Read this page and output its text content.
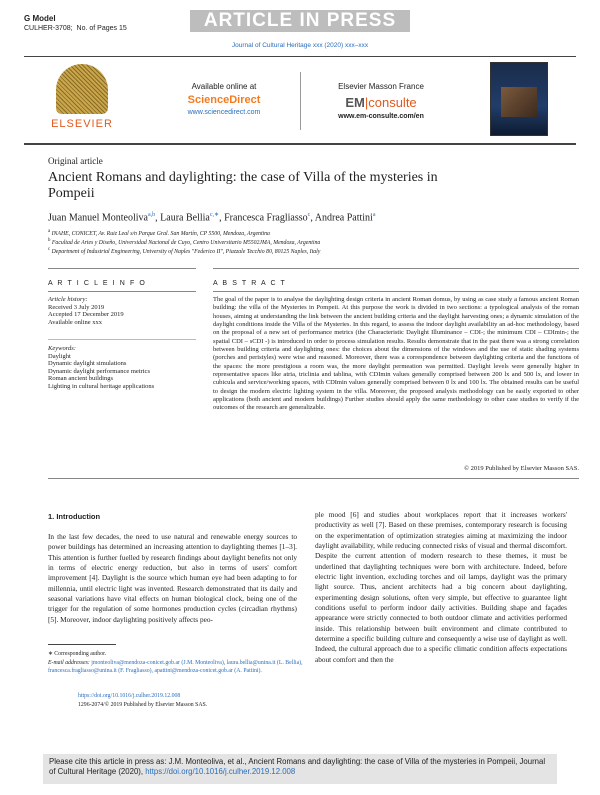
G Model
CULHER-3708; No. of Pages 15	ARTICLE IN PRESS
Journal of Cultural Heritage xxx (2020) xxx–xxx
ELSEVIER
Available online at
ScienceDirect
www.sciencedirect.com
Elsevier Masson France
EM|consulte
www.em-consulte.com/en
Original article
Ancient Romans and daylighting: the case of Villa of the mysteries in Pompeii
Juan Manuel Monteoliva$^{a,b}$, Laura Bellia$^{c,∗}$, Francesca Fragliasso$^c$, Andrea Pattini$^a$
$^a$ INAHE, CONICET, Av. Ruiz Leal s/n Parque Gral. San Martín, CP 5500, Mendoza, Argentina
$^b$ Facultad de Artes y Diseño, Universidad Nacional de Cuyo, Centro Universitario M5502JMA, Mendoza, Argentina
$^c$ Department of Industrial Engineering, University of Naples "Federico II", Piazzale Tecchio 80, 80125 Naples, Italy
A R T I C L E I N F O
Article history:
Received 3 July 2019
Accepted 17 December 2019
Available online xxx
Keywords:
Daylight
Dynamic daylight simulations
Dynamic daylight performance metrics
Roman ancient buildings
Lighting in cultural heritage applications
A B S T R A C T
The goal of the paper is to analyse the daylighting design criteria in ancient Roman domus, by using as case study a famous ancient Roman building: the villa of the Mysteries in Pompeii. At this purpose the work is divided in two sections: a typological analysis of the roman houses, aiming at understanding the link between the ancient building criteria and the daylight harvesting ones; a dynamic simulation of the daylight conditions inside the Villa of the Mysteries. In this regard, to assess the indoor daylight availability an ad-hoc methodology, based on the proposal of a new set of performance metrics (the Characteristic Daylight Illuminance – CDI-; the minimum CDI – CDImin-; the spatial CDI – sCDI -) is introduced in order to process simulation results. Results demonstrate that in the past there was a strong correlation between building criteria and daylighting ones: the choices about the dimensions of the windows and the use of static shading systems (porches and peristyles) were wise and reasoned. Moreover, there was a correspondence between daylighting criteria and the functions of the spaces: the more prestigious a room was, the more daylight permeation was permitted. Daylight levels were generally higher in representative spaces like atria, triclinia and tablina, with CDImin values generally comprised between 200 lx and 500 lx, and lower in cubicula and service/working spaces, with CDImin values generally comprised between 0 lx and 100 lx. The obtained results can be useful to design the modern electric lighting system in the villa. Moreover, the proposed analysis methodology can be easily exported to other applications (both ancient and modern buildings) Further studies should apply the same methodology to other case studies to verify if the outcomes of the research are generalizable.
© 2019 Published by Elsevier Masson SAS.
1. Introduction
In the last few decades, the need to use natural and renewable energy sources to power buildings has determined an increasing attention to daylighting themes [1–3]. This attention is further fuelled by research findings about daylight benefits not only in terms of electric energy reduction, but also in terms of users' comfort improvement [4]. Daylight is the source which human eye had been adapting to for millennia, until electric light was invented. Research demonstrated that its daily and seasonal variations have vital effects on human biological clock, being one of the trigger for the regulation of some hormones production cycles (circadian rhythms) [5]. Moreover, indoor daylighting positively affects peo-
ple mood [6] and studies about workplaces report that it increases workers' productivity as well [7]. Based on these premises, contemporary research is focusing on the experimentation of optimization strategies aiming at maximizing the indoor daylight availability, while reducing connected risks of visual and thermal discomfort. Despite the current attention of modern research to these themes, it must be underlined that daylighting techniques were born with architecture. Indeed, before electric light invention, excluding torches and oil lamps, daylight was the primary light source. Thus, ancient architects had a big concern about daylighting, experimenting design solutions, often very simple, but effective to guarantee light conditions useful to perform indoor daily activities. Building shape and façades appearance were strictly connected to both outdoor climate and activities performed inside. This relationship between built environment and climate contributed to determine a specific building culture and consequently a wise use of daylight as well. Indeed, the cultural approach due to a specific climatic condition affects expectations about comfort and then the
∗ Corresponding author.
E-mail addresses: jmonteoliva@mendoza-conicet.gob.ar (J.M. Monteoliva), laura.bellia@unina.it (L. Bellia), francesca.fragliasso@unina.it (F. Fragliasso), apattini@mendoza-conicet.gob.ar (A. Pattini).
https://doi.org/10.1016/j.culher.2019.12.008
1296-2074/© 2019 Published by Elsevier Masson SAS.
Please cite this article in press as: J.M. Monteoliva, et al., Ancient Romans and daylighting: the case of Villa of the mysteries in Pompeii, Journal of Cultural Heritage (2020), https://doi.org/10.1016/j.culher.2019.12.008
